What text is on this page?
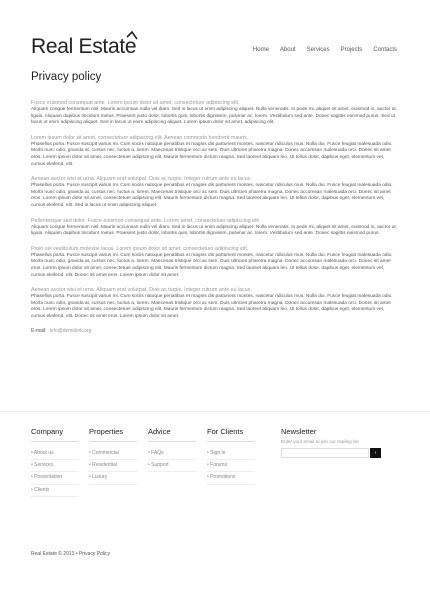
Real Estate	Home About Services Projects Contacts
Privacy policy
Fusce euismod consequat ante. Lorem ipsum dolor sit amet, consectetuer adipiscing elit.
Aliquam congue fermentum nisl. Mauris accumsan nulla vel diam. Sed in lacus ut enim adipiscing aliquet. Nulla venenatis. In pede mi, aliquet sit amet, euismod in, auctor ut, ligula. Aliquam dapibus tincidunt metus. Praesent justo dolor, lobortis quis, lobortis dignissim, pulvinar ac, lorem. Vestibulum sed ante. Donec sagittis euismod purus. Sed ut lacus ut enim adipiscing aliquet. Sed in lacus ut enim adipiscing aliquet. Lorem ipsum dolor sit amet, adipiscing elit.
Lorem ipsum dolor sit amet, consectetuer adipiscing elit. Aenean commodo hendrerit mauris.
Phasellus porta. Fusce suscipit varius mi. Cum sociis natoque penatibus et magnis dis parturient montes, nascetur ridiculus mus. Nulla dui. Fusce feugiat malesuada odio. Morbi nunc odio, gravida at, cursus nec, luctus a, lorem. Maecenas tristique orci ac sem. Duis ultricies pharetra magna. Donec accumsan malesuada orci. Donec sit amet eros. Lorem ipsum dolor sit amet, consectetuer adipiscing elit. Mauris fermentum dictum magna. Sed laoreet aliquam leo. Ut tellus dolor, dapibus eget, elementum vel, cursus eleifend, elit.
Aenean auctor wisi et urna. Aliquam erat volutpat. Duis ac turpis. Integer rutrum ante eu lacus.
Phasellus porta. Fusce suscipit varius mi. Cum sociis natoque penatibus et magnis dis parturient montes, nascetur ridiculus mus. Nulla dui. Fusce feugiat malesuada odio. Morbi nunc odio, gravida at, cursus nec, luctus a, lorem. Maecenas tristique orci ac sem. Duis ultricies pharetra magna. Donec accumsan malesuada orci. Donec sit amet eros. Lorem ipsum dolor sit amet, consectetuer adipiscing elit. Mauris fermentum dictum magna. Sed laoreet aliquam leo. Ut tellus dolor, dapibus eget, elementum vel, cursus eleifend, elit. Sed in lacus ut enim adipiscing aliquet.
Pellentesque sed dolor. Fusce euismod consequat ante. Lorem amet, consectetuer adipiscing elit.
Aliquam congue fermentum nisl. Mauris accumsan nulla vel diam. Sed in lacus ut enim adipiscing aliquet. Nulla venenatis. In pede mi, aliquet sit amet, euismod in, auctor ut, ligula. Aliquam dapibus tincidunt metus. Praesent justo dolor, lobortis quis, lobortis dignissim, pulvinar ac, lorem. Vestibulum sed ante. Donec sagittis euismod purus.
Proin vel vestibulum molestie lacus. Lorem ipsum dolor sit amet, consectetuer adipiscing elit.
Phasellus porta. Fusce suscipit varius mi. Cum sociis natoque penatibus et magnis dis parturient montes, nascetur ridiculus mus. Nulla dui. Fusce feugiat malesuada odio. Morbi nunc odio, gravida at, cursus nec, luctus a, lorem. Maecenas tristique orci ac sem. Duis ultricies pharetra magna. Donec accumsan malesuada orci. Donec sit amet eros. Lorem ipsum dolor sit amet, consectetuer adipiscing elit. Mauris fermentum dictum magna. Sed laoreet aliquam leo. Ut tellus dolor, dapibus eget, elementum vel, cursus eleifend, elit. Donec sit amet eros. Lorem ipsum dolor sit amet.
Aenean auctor wisi et urna. Aliquam erat volutpat. Duis ac turpis. Integer rutrum ante eu lacus.
Phasellus porta. Fusce suscipit varius mi. Cum sociis natoque penatibus et magnis dis parturient montes, nascetur ridiculus mus. Nulla dui. Fusce feugiat malesuada odio. Morbi nunc odio, gravida at, cursus nec, luctus a, lorem. Maecenas tristique orci ac sem. Duis ultricies pharetra magna. Donec accumsan malesuada orci. Donec sit amet eros. Lorem ipsum dolor sit amet, consectetuer adipiscing elit. Mauris fermentum dictum magna. Sed laoreet aliquam leo. Ut tellus dolor, dapibus eget, elementum vel, cursus eleifend, elit. Donec sit amet eros. Lorem ipsum dolor sit amet.
E-mail: info@demolink.org
Company
• About us
• Services
• Presentation
• Clients
Properties
• Commercial
• Residential
• Luxury
Advice
• FAQs
• Support
For Clients
• Sign in
• Forums
• Promotions
Newsletter
Enter your email to join our mailing list
›
Real Estate © 2013 • Privacy Policy
